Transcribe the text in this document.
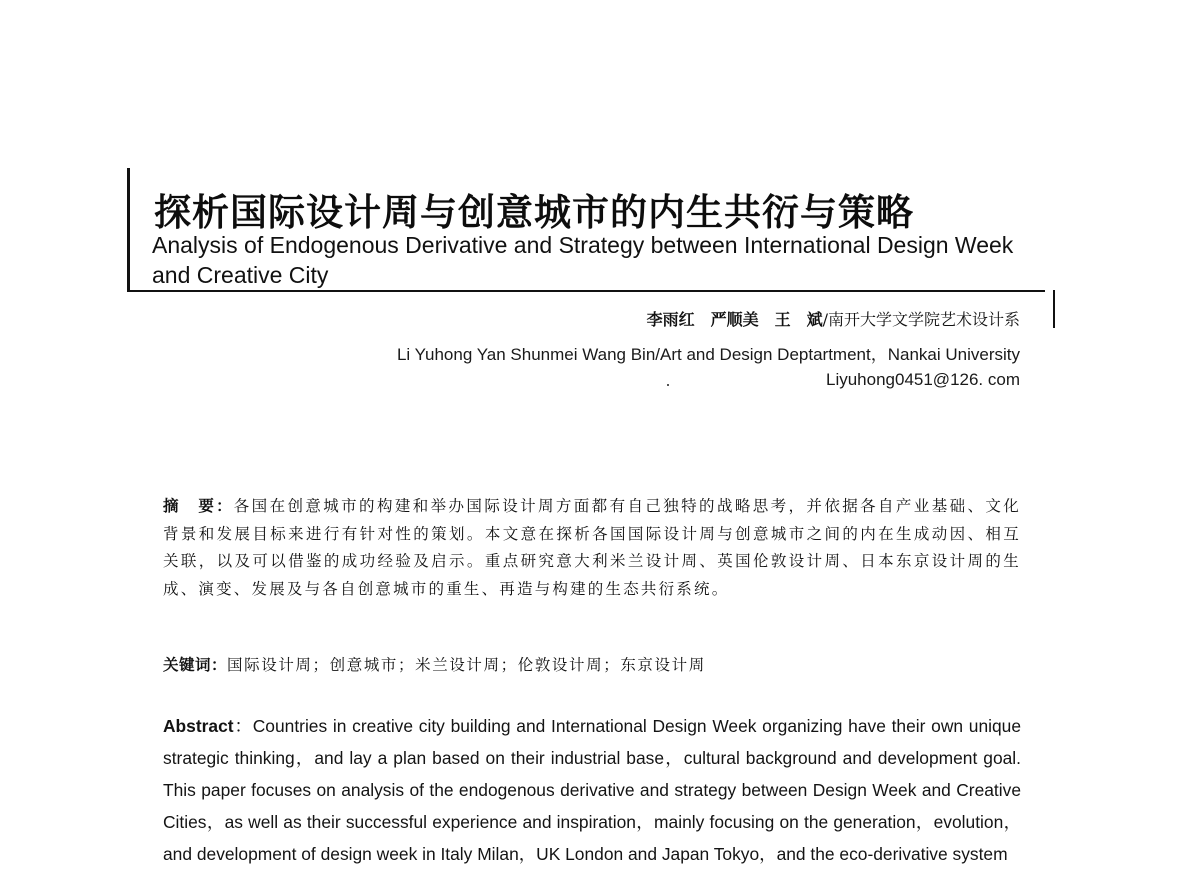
探析国际设计周与创意城市的内生共衍与策略
Analysis of Endogenous Derivative and Strategy between International Design Week and Creative City
李雨红　严顺美　王　斌/南开大学文学院艺术设计系
Li Yuhong Yan Shunmei Wang Bin/Art and Design Deptartment，Nankai University
Liyuhong0451@126. com
摘　要：各国在创意城市的构建和举办国际设计周方面都有自己独特的战略思考，并依据各自产业基础、文化背景和发展目标来进行有针对性的策划。本文意在探析各国国际设计周与创意城市之间的内在生成动因、相互关联，以及可以借鉴的成功经验及启示。重点研究意大利米兰设计周、英国伦敦设计周、日本东京设计周的生成、演变、发展及与各自创意城市的重生、再造与构建的生态共衍系统。
关键词：国际设计周；创意城市；米兰设计周；伦敦设计周；东京设计周
Abstract：Countries in creative city building and International Design Week organizing have their own unique strategic thinking，and lay a plan based on their industrial base，cultural background and development goal. This paper focuses on analysis of the endogenous derivative and strategy between Design Week and Creative Cities，as well as their successful experience and inspiration，mainly focusing on the generation，evolution，and development of design week in Italy Milan，UK London and Japan Tokyo，and the eco-derivative system
